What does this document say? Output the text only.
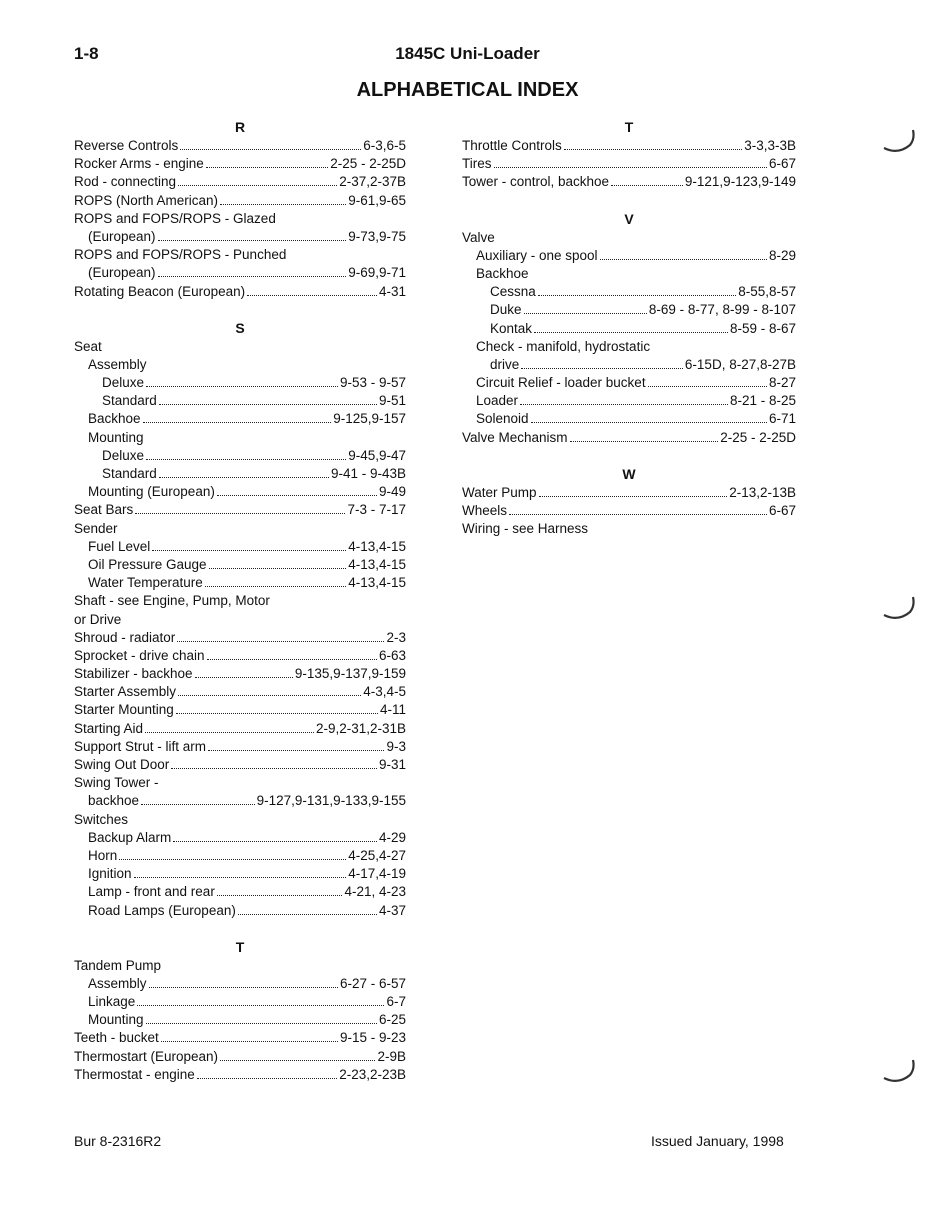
1-8	1845C Uni-Loader
ALPHABETICAL INDEX
R
Reverse Controls	6-3,6-5
Rocker Arms - engine	2-25 - 2-25D
Rod - connecting	2-37,2-37B
ROPS (North American)	9-61,9-65
ROPS and FOPS/ROPS - Glazed
(European)	9-73,9-75
ROPS and FOPS/ROPS - Punched
(European)	9-69,9-71
Rotating Beacon (European)	4-31
S
Seat
Assembly
Deluxe	9-53 - 9-57
Standard	9-51
Backhoe	9-125,9-157
Mounting
Deluxe	9-45,9-47
Standard	9-41 - 9-43B
Mounting (European)	9-49
Seat Bars	7-3 - 7-17
Sender
Fuel Level	4-13,4-15
Oil Pressure Gauge	4-13,4-15
Water Temperature	4-13,4-15
Shaft - see Engine, Pump, Motor
or Drive
Shroud - radiator	2-3
Sprocket - drive chain	6-63
Stabilizer - backhoe	9-135,9-137,9-159
Starter Assembly	4-3,4-5
Starter Mounting	4-11
Starting Aid	2-9,2-31,2-31B
Support Strut - lift arm	9-3
Swing Out Door	9-31
Swing Tower -
backhoe	9-127,9-131,9-133,9-155
Switches
Backup Alarm	4-29
Horn	4-25,4-27
Ignition	4-17,4-19
Lamp - front and rear	4-21, 4-23
Road Lamps (European)	4-37
T
Tandem Pump
Assembly	6-27 - 6-57
Linkage	6-7
Mounting	6-25
Teeth - bucket	9-15 - 9-23
Thermostart (European)	2-9B
Thermostat - engine	2-23,2-23B
T
Throttle Controls	3-3,3-3B
Tires	6-67
Tower - control, backhoe	9-121,9-123,9-149
V
Valve
Auxiliary - one spool	8-29
Backhoe
Cessna	8-55,8-57
Duke	8-69 - 8-77, 8-99 - 8-107
Kontak	8-59 - 8-67
Check - manifold, hydrostatic
drive	6-15D, 8-27,8-27B
Circuit Relief - loader bucket	8-27
Loader	8-21 - 8-25
Solenoid	6-71
Valve Mechanism	2-25 - 2-25D
W
Water Pump	2-13,2-13B
Wheels	6-67
Wiring - see Harness
Bur 8-2316R2	Issued January, 1998
